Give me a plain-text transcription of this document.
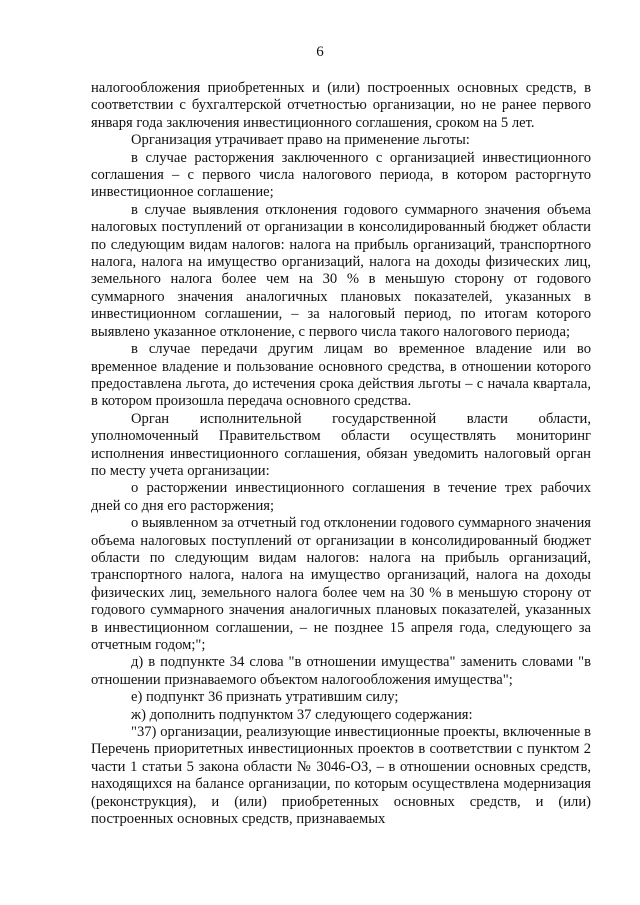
6

налогообложения приобретенных и (или) построенных основных средств, в соответствии с бухгалтерской отчетностью организации, но не ранее первого января года заключения инвестиционного соглашения, сроком на 5 лет.

Организация утрачивает право на применение льготы:

в случае расторжения заключенного с организацией инвестиционного соглашения – с первого числа налогового периода, в котором расторгнуто инвестиционное соглашение;

в случае выявления отклонения годового суммарного значения объема налоговых поступлений от организации в консолидированный бюджет области по следующим видам налогов: налога на прибыль организаций, транспортного налога, налога на имущество организаций, налога на доходы физических лиц, земельного налога более чем на 30 % в меньшую сторону от годового суммарного значения аналогичных плановых показателей, указанных в инвестиционном соглашении, – за налоговый период, по итогам которого выявлено указанное отклонение, с первого числа такого налогового периода;

в случае передачи другим лицам во временное владение или во временное владение и пользование основного средства, в отношении которого предоставлена льгота, до истечения срока действия льготы – с начала квартала, в котором произошла передача основного средства.

Орган исполнительной государственной власти области, уполномоченный Правительством области осуществлять мониторинг исполнения инвестиционного соглашения, обязан уведомить налоговый орган по месту учета организации:

о расторжении инвестиционного соглашения в течение трех рабочих дней со дня его расторжения;

о выявленном за отчетный год отклонении годового суммарного значения объема налоговых поступлений от организации в консолидированный бюджет области по следующим видам налогов: налога на прибыль организаций, транспортного налога, налога на имущество организаций, налога на доходы физических лиц, земельного налога более чем на 30 % в меньшую сторону от годового суммарного значения аналогичных плановых показателей, указанных в инвестиционном соглашении, – не позднее 15 апреля года, следующего за отчетным годом;";

д) в подпункте 34 слова "в отношении имущества" заменить словами "в отношении признаваемого объектом налогообложения имущества";

е) подпункт 36 признать утратившим силу;

ж) дополнить подпунктом 37 следующего содержания:

"37) организации, реализующие инвестиционные проекты, включенные в Перечень приоритетных инвестиционных проектов в соответствии с пунктом 2 части 1 статьи 5 закона области № 3046-ОЗ, – в отношении основных средств, находящихся на балансе организации, по которым осуществлена модернизация (реконструкция), и (или) приобретенных основных средств, и (или) построенных основных средств, признаваемых
